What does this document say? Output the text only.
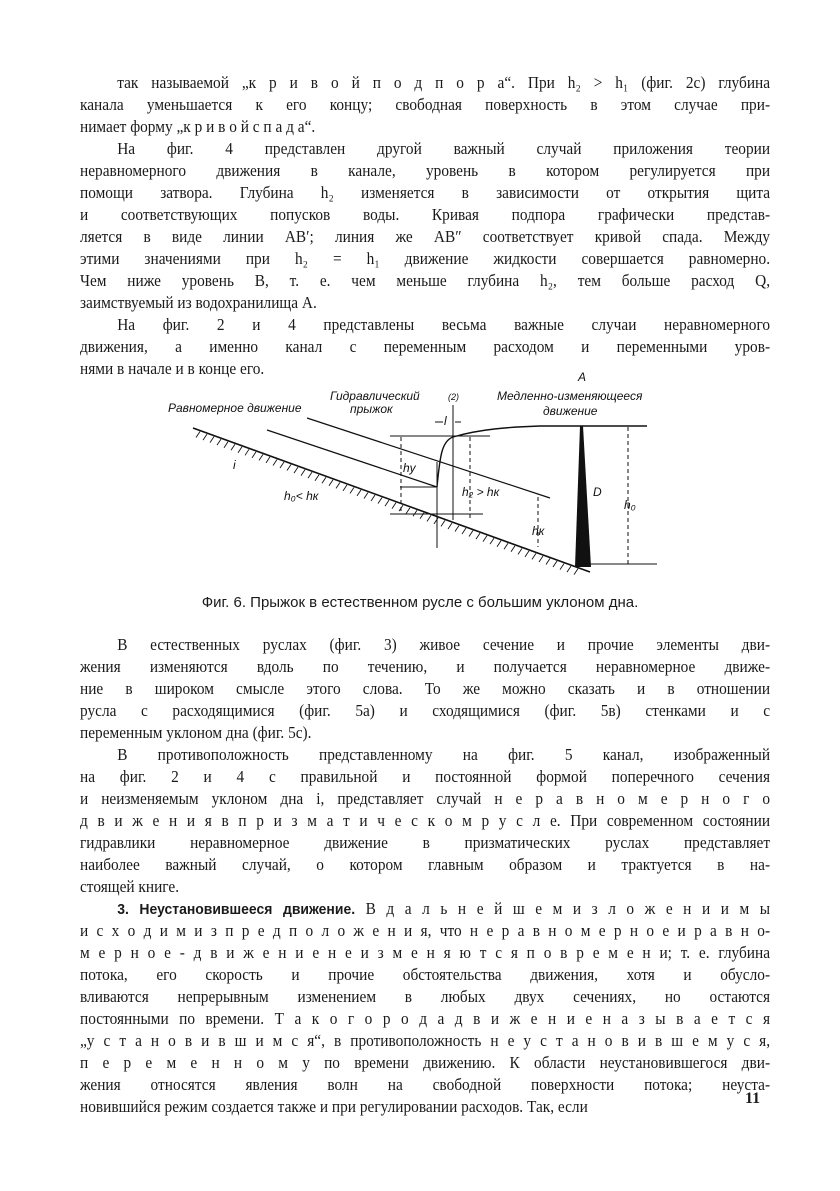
так называемой „к р и в о й п о д п о р а“. При h₂ > h₁ (фиг. 2c) глубина
канала уменьшается к его концу; свободная поверхность в этом случае при-
нимает форму „к р и в о й с п а д а“.
На фиг. 4 представлен другой важный случай приложения теории
неравномерного движения в канале, уровень в котором регулируется при
помощи затвора. Глубина h₂ изменяется в зависимости от открытия щита
и соответствующих попусков воды. Кривая подпора графически представ-
ляется в виде линии AB′; линия же AB″ соответствует кривой спада. Между
этими значениями при h₂ = h₁ движение жидкости совершается равномерно.
Чем ниже уровень B, т. е. чем меньше глубина h₂, тем больше расход Q,
заимствуемый из водохранилища A.
На фиг. 2 и 4 представлены весьма важные случаи неравномерного
движения, а именно канал с переменным расходом и переменными уров-
нями в начале и в конце его.
Равномерное движение
Гидравлический
прыжок
(2)
A
Медленно-изменяющееся
движение
l
hу
i
h₀< hк	h₂ > hк
hк
D
h₀
Фиг. 6. Прыжок в естественном русле с большим уклоном дна.
В естественных руслах (фиг. 3) живое сечение и прочие элементы дви-
жения изменяются вдоль по течению, и получается неравномерное движе-
ние в широком смысле этого слова. То же можно сказать и в отношении
русла с расходящимися (фиг. 5a) и сходящимися (фиг. 5в) стенками и с
переменным уклоном дна (фиг. 5c).
В противоположность представленному на фиг. 5 канал, изображенный
на фиг. 2 и 4 с правильной и постоянной формой поперечного сечения
и неизменяемым уклоном дна i, представляет случай н е р а в н о м е р н о г о
д в и ж е н и я в п р и з м а т и ч е с к о м р у с л е. При современном состоянии
гидравлики неравномерное движение в призматических руслах представляет
наиболее важный случай, о котором главным образом и трактуется в на-
стоящей книге.
3. Неустановившееся движение. В д а л ь н е й ш е м и з л о ж е н и и м ы
и с х о д и м и з п р е д п о л о ж е н и я, что н е р а в н о м е р н о е и р а в н о-
м е р н о е - д в и ж е н и е н е и з м е н я ю т с я п о в р е м е н и; т. е. глубина
потока, его скорость и прочие обстоятельства движения, хотя и обусло-
вливаются непрерывным изменением в любых двух сечениях, но остаются
постоянными по времени. Т а к о г о р о д а д в и ж е н и е н а з ы в а е т с я
„у с т а н о в и в ш и м с я“, в противоположность н е у с т а н о в и в ш е м у с я,
п е р е м е н н о м у по времени движению. К области неустановившегося дви-
жения относятся явления волн на свободной поверхности потока; неуста-
новившийся режим создается также и при регулировании расходов. Так, если	11
